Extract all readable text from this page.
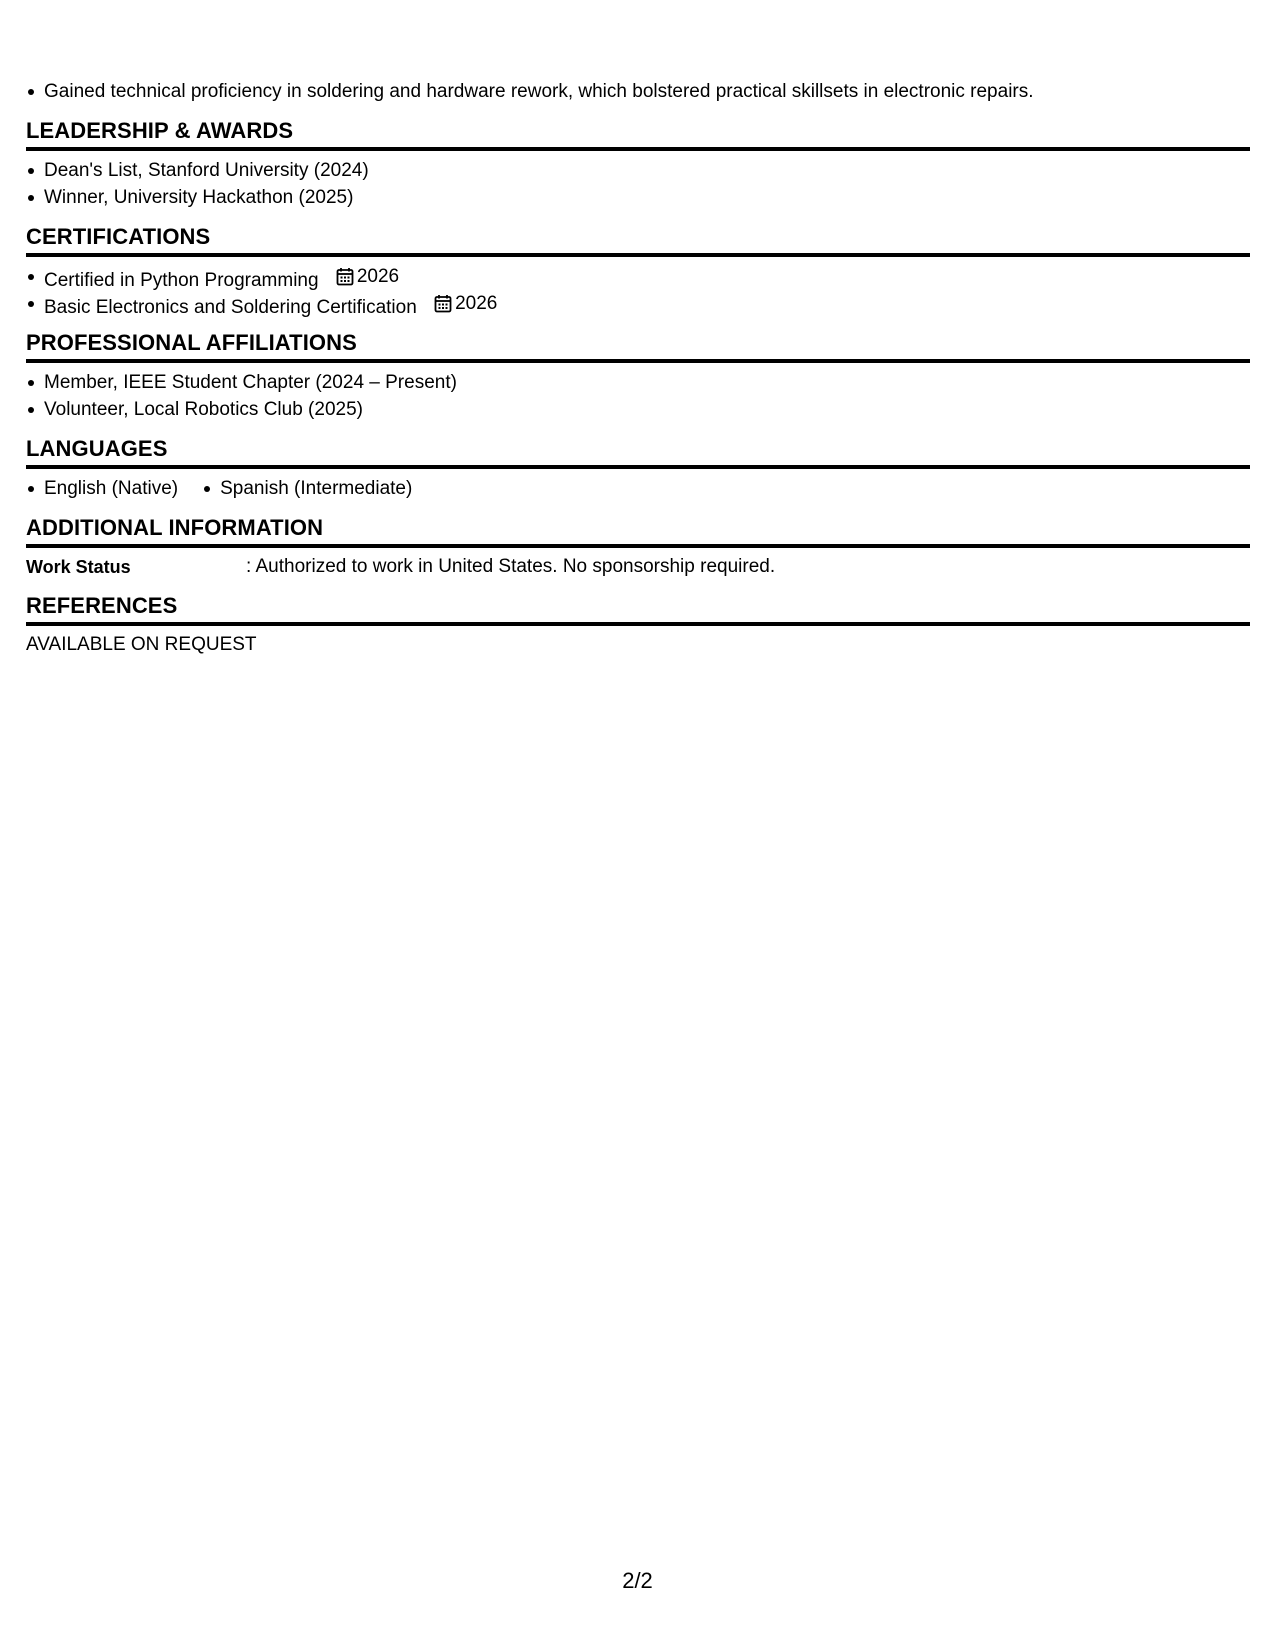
Gained technical proficiency in soldering and hardware rework, which bolstered practical skillsets in electronic repairs.
LEADERSHIP & AWARDS
Dean's List, Stanford University (2024)
Winner, University Hackathon (2025)
CERTIFICATIONS
Certified in Python Programming 2026
Basic Electronics and Soldering Certification 2026
PROFESSIONAL AFFILIATIONS
Member, IEEE Student Chapter (2024 – Present)
Volunteer, Local Robotics Club (2025)
LANGUAGES
English (Native)	Spanish (Intermediate)
ADDITIONAL INFORMATION
Work Status	: Authorized to work in United States. No sponsorship required.
REFERENCES
AVAILABLE ON REQUEST
2/2
